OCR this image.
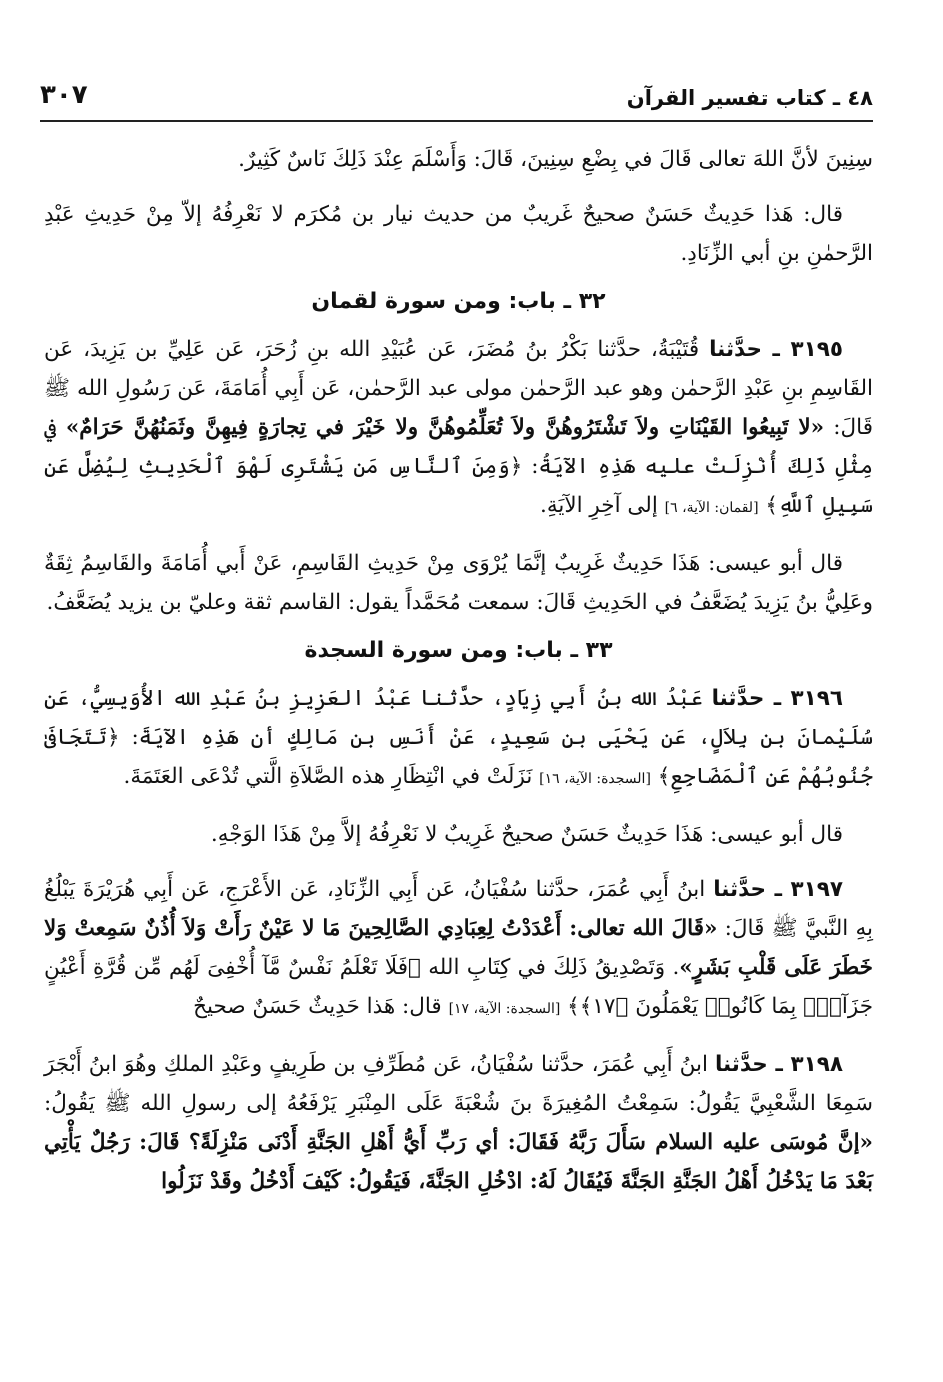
٤٨ ـ كتاب تفسير القرآن
٣٠٧

سِنِينَ لأنَّ اللهَ تعالى قَالَ في بِضْعِ سِنِينَ، قَالَ: وَأَسْلَمَ عِنْدَ ذَلِكَ نَاسٌ كَثِيرٌ.

قال: هَذا حَدِيثٌ حَسَنٌ صحيحٌ غَريبٌ من حديث نيار بن مُكرَم لا نَعْرِفُهُ إلاّ مِنْ حَدِيثِ عَبْدِ الرَّحمٰنِ بنِ أبي الزِّنَادِ.

٣٢ ـ باب: ومن سورة لقمان

٣١٩٥ ـ حدَّثنا قُتَيْبَةُ، حدَّثنا بَكْرُ بنُ مُضَرَ، عَن عُبَيْدِ الله بنِ زُحَرَ، عَن عَلِيِّ بن يَزِيدَ، عَن القَاسِمِ بنِ عَبْدِ الرَّحمٰن وهو عبد الرَّحمٰن مولى عبد الرَّحمٰن، عَن أَبِي أُمَامَةَ، عَن رَسُولِ الله ﷺ قَالَ: «لا تَبِيعُوا القَيْنَاتِ ولاَ تَشْتَرُوهُنَّ ولاَ تُعَلِّمُوهُنَّ ولا خَيْرَ في تِجارَةٍ فِيهِنَّ وثَمَنُهُنَّ حَرَامٌ» في مِثْلِ ذَلِكَ أُنْزِلَتْ عليه هَذِهِ الآيَةُ: ﴿وَمِنَ ٱلنَّاسِ مَن يَشْتَرِى لَهْوَ ٱلْحَدِيثِ لِيُضِلَّ عَن سَبِيلِ ٱللَّهِ﴾ [لقمان: الآية، ٦] إلى آخِرِ الآيَةِ.

قال أبو عيسى: هَذَا حَدِيثٌ غَرِيبٌ إنَّمَا يُرْوَى مِنْ حَدِيثِ القَاسِمِ، عَنْ أَبي أُمَامَةَ والقَاسِمُ ثِقَةٌ وعَلِيُّ بنُ يَزِيدَ يُضَعَّفُ في الحَدِيثِ قَالَ: سمعت مُحَمَّداً يقول: القاسم ثقة وعليّ بن يزيد يُضَعَّفُ.

٣٣ ـ باب: ومن سورة السجدة

٣١٩٦ ـ حدَّثنا عَبْدُ الله بنُ أَبِي زِيَادٍ، حدَّثنا عَبْدُ العَزِيزِ بنُ عَبْدِ الله الأُوَيسِيُّ، عَن سُلَيْمانَ بن بِلاَلٍ، عَن يَحْيَى بنِ سَعِيدٍ، عَنْ أَنَسِ بن مَالِكٍ أن هَذِهِ الآيَةَ: ﴿تَتَجَافَىٰ جُنُوبُهُمْ عَنِ ٱلْمَضَاجِعِ﴾ [السجدة: الآية، ١٦] نَزَلَتْ في انْتِظَارِ هذه الصَّلاَةِ الَّتي تُدْعَى العَتَمَةَ.

قال أبو عيسى: هَذَا حَدِيثٌ حَسَنٌ صحيحٌ غَرِيبٌ لا نَعْرِفُهُ إلاَّ مِنْ هَذَا الوَجْهِ.

٣١٩٧ ـ حدَّثنا ابنُ أَبِي عُمَرَ، حدَّثنا سُفْيَانُ، عَن أَبِي الزِّنَادِ، عَن الأَعْرَجِ، عَن أَبِي هُرَيْرَةَ يَبْلُغُ بِهِ النَّبيَّ ﷺ قَالَ: «قَالَ الله تعالى: أَعْدَدْتُ لِعِبَادِي الصَّالِحِينَ مَا لا عَيْنٌ رَأَتْ وَلاَ أُذُنٌ سَمِعتْ وَلا خَطَرَ عَلَى قَلْبِ بَشَرٍ». وَتَصْدِيقُ ذَلِكَ في كِتَابِ الله ﴿فَلَا تَعْلَمُ نَفْسٌ مَّآ أُخْفِىَ لَهُم مِّن قُرَّةِ أَعْيُنٍ جَزَآءًۢ بِمَا كَانُوا۟ يَعْمَلُونَ ﴿١٧﴾﴾ [السجدة: الآية، ١٧] قال: هَذا حَدِيثٌ حَسَنٌ صحيحٌ

٣١٩٨ ـ حدَّثنا ابنُ أَبِي عُمَرَ، حدَّثنا سُفْيَانُ، عَن مُطَرِّفِ بن طَرِيفٍ وعَبْدِ الملكِ وهُوَ ابنُ أَبْجَرَ سَمِعَا الشَّعْبِيَّ يَقُولُ: سَمِعْتُ المُغِيرَةَ بنَ شُعْبَةَ عَلَى المِنْبَرِ يَرْفَعُهُ إلى رسولِ الله ﷺ يَقُولُ: «إنَّ مُوسَى عليه السلام سَأَلَ رَبَّهُ فَقَالَ: أي رَبِّ أَيُّ أَهْلِ الجَنَّةِ أَدْنَى مَنْزِلَةً؟ قَالَ: رَجُلٌ يَأْتِي بَعْدَ مَا يَدْخُلُ أَهْلُ الجَنَّةِ الجَنَّةَ فَيُقَالُ لَهُ: ادْخُلِ الجَنَّةَ، فَيَقُولُ: كَيْفَ أَدْخُلُ وقَدْ نَزَلُوا
